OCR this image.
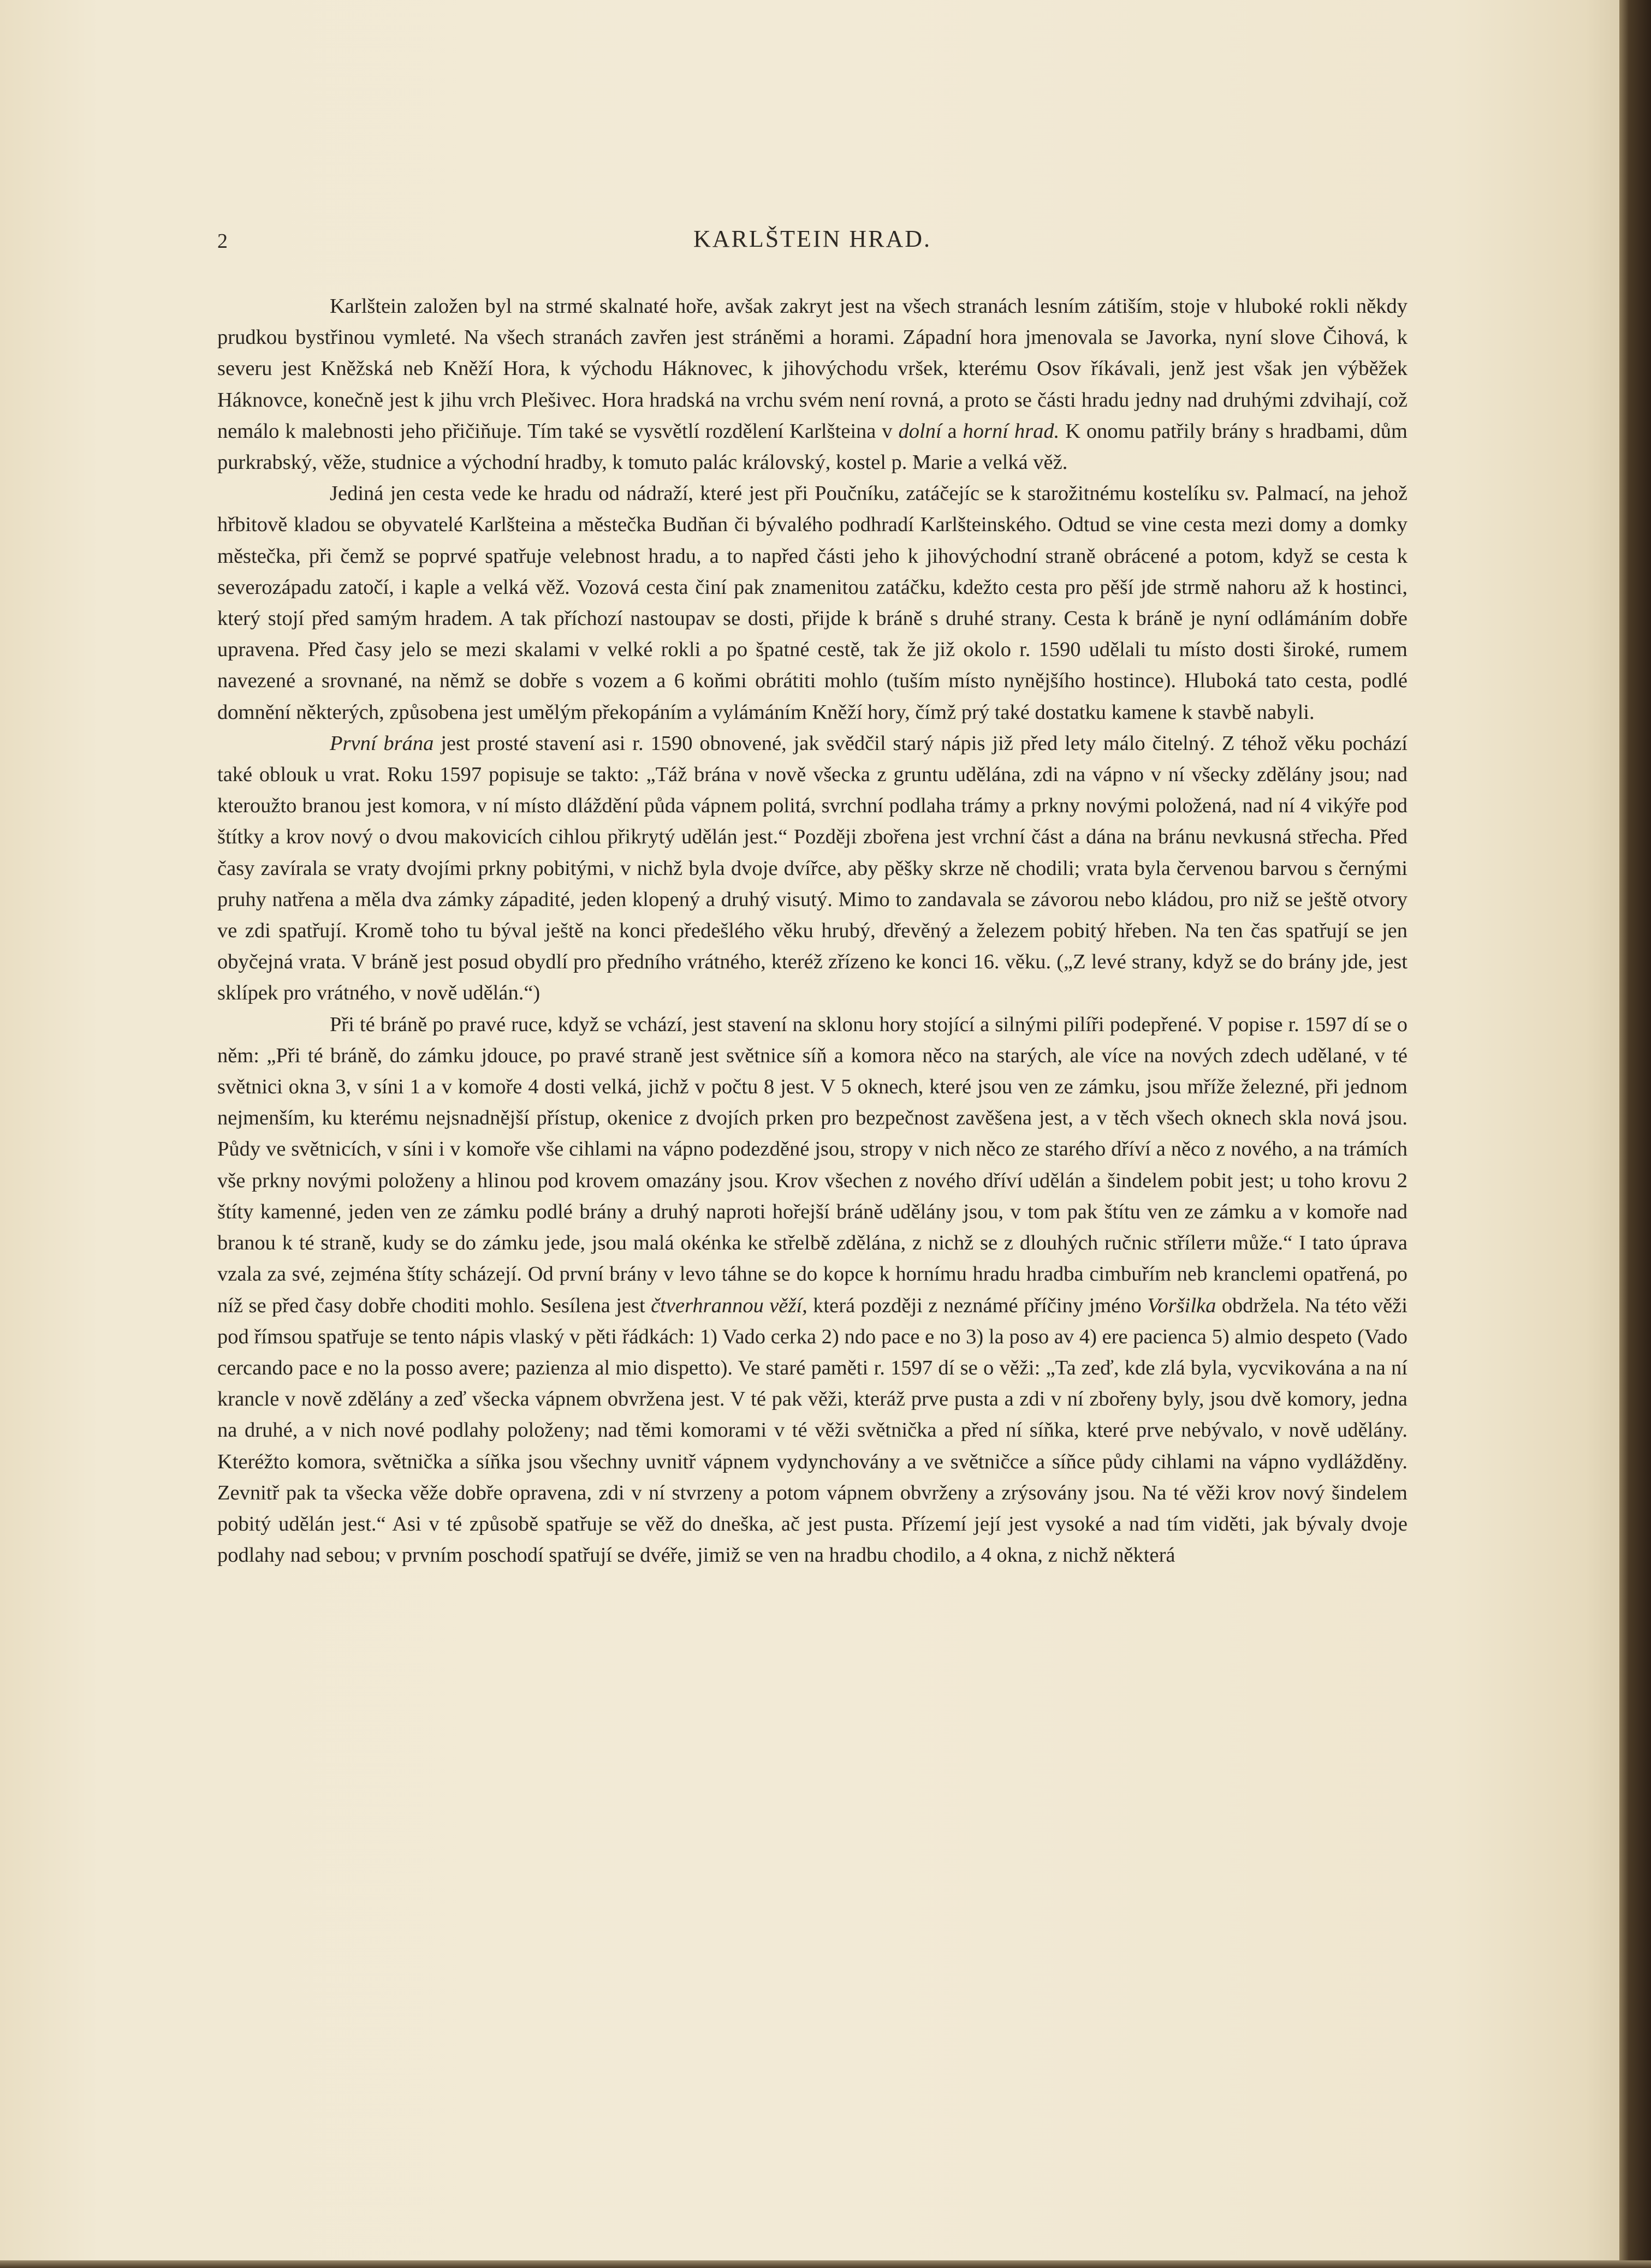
2	KARLŠTEIN HRAD.

Karlštein založen byl na strmé skalnaté hoře, avšak zakryt jest na všech stranách lesním zátiším, stoje v hluboké rokli někdy prudkou bystřinou vymleté. Na všech stranách zavřen jest stráněmi a horami. Západní hora jmenovala se Javorka, nyní slove Čihová, k severu jest Kněžská neb Kněží Hora, k východu Háknovec, k jihovýchodu vršek, kterému Osov říkávali, jenž jest však jen výběžek Háknovce, konečně jest k jihu vrch Plešivec. Hora hradská na vrchu svém není rovná, a proto se části hradu jedny nad druhými zdvihají, což nemálo k malebnosti jeho přičiňuje. Tím také se vysvětlí rozdělení Karlšteina v dolní a horní hrad. K onomu patřily brány s hradbami, dům purkrabský, věže, studnice a východní hradby, k tomuto palác královský, kostel p. Marie a velká věž.

Jediná jen cesta vede ke hradu od nádraží, které jest při Poučníku, zatáčejíc se k starožitnému kostelíku sv. Palmací, na jehož hřbitově kladou se obyvatelé Karlšteina a městečka Budňan či bývalého podhradí Karlšteinského. Odtud se vine cesta mezi domy a domky městečka, při čemž se poprvé spatřuje velebnost hradu, a to napřed části jeho k jihovýchodní straně obrácené a potom, když se cesta k severozápadu zatočí, i kaple a velká věž. Vozová cesta činí pak znamenitou zatáčku, kdežto cesta pro pěší jde strmě nahoru až k hostinci, který stojí před samým hradem. A tak příchozí nastoupav se dosti, přijde k bráně s druhé strany. Cesta k bráně je nyní odlámáním dobře upravena. Před časy jelo se mezi skalami v velké rokli a po špatné cestě, tak že již okolo r. 1590 udělali tu místo dosti široké, rumem navezené a srovnané, na němž se dobře s vozem a 6 koňmi obrátiti mohlo (tuším místo nynějšího hostince). Hluboká tato cesta, podlé domnění některých, způsobena jest umělým překopáním a vylámáním Kněží hory, čímž prý také dostatku kamene k stavbě nabyli.

První brána jest prosté stavení asi r. 1590 obnovené, jak svědčil starý nápis již před lety málo čitelný. Z téhož věku pochází také oblouk u vrat. Roku 1597 popisuje se takto: „Táž brána v nově všecka z gruntu udělána, zdi na vápno v ní všecky zdělány jsou; nad kteroužto branou jest komora, v ní místo dláždění půda vápnem politá, svrchní podlaha trámy a prkny novými položená, nad ní 4 vikýře pod štítky a krov nový o dvou makovicích cihlou přikrytý udělán jest.“ Později zbořena jest vrchní část a dána na bránu nevkusná střecha. Před časy zavírala se vraty dvojími prkny pobitými, v nichž byla dvoje dvířce, aby pěšky skrze ně chodili; vrata byla červenou barvou s černými pruhy natřena a měla dva zámky západité, jeden klopený a druhý visutý. Mimo to zandavala se závorou nebo kládou, pro niž se ještě otvory ve zdi spatřují. Kromě toho tu býval ještě na konci předešlého věku hrubý, dřevěný a železem pobitý hřeben. Na ten čas spatřují se jen obyčejná vrata. V bráně jest posud obydlí pro předního vrátného, kteréž zřízeno ke konci 16. věku. („Z levé strany, když se do brány jde, jest sklípek pro vrátného, v nově udělán.“)

Při té bráně po pravé ruce, když se vchází, jest stavení na sklonu hory stojící a silnými pilíři podepřené. V popise r. 1597 dí se o něm: „Při té bráně, do zámku jdouce, po pravé straně jest světnice síň a komora něco na starých, ale více na nových zdech udělané, v té světnici okna 3, v síni 1 a v komoře 4 dosti velká, jichž v počtu 8 jest. V 5 oknech, které jsou ven ze zámku, jsou mříže železné, při jednom nejmenším, ku kterému nejsnadnější přístup, okenice z dvojích prken pro bezpečnost zavěšena jest, a v těch všech oknech skla nová jsou. Půdy ve světnicích, v síni i v komoře vše cihlami na vápno podezděné jsou, stropy v nich něco ze starého dříví a něco z nového, a na trámích vše prkny novými položeny a hlinou pod krovem omazány jsou. Krov všechen z nového dříví udělán a šindelem pobit jest; u toho krovu 2 štíty kamenné, jeden ven ze zámku podlé brány a druhý naproti hořejší bráně udělány jsou, v tom pak štítu ven ze zámku a v komoře nad branou k té straně, kudy se do zámku jede, jsou malá okénka ke střelbě zdělána, z nichž se z dlouhých ručnic střílети může.“ I tato úprava vzala za své, zejména štíty scházejí. Od první brány v levo táhne se do kopce k hornímu hradu hradba cimbuřím neb kranclemi opatřená, po níž se před časy dobře choditi mohlo. Sesílena jest čtverhrannou věží, která později z neznámé příčiny jméno Voršilka obdržela. Na této věži pod římsou spatřuje se tento nápis vlaský v pěti řádkách: 1) Vado cerka 2) ndo pace e no 3) la poso av 4) ere pacienca 5) almio despeto (Vado cercando pace e no la posso avere; pazienza al mio dispetto). Ve staré paměti r. 1597 dí se o věži: „Ta zeď, kde zlá byla, vycvikována a na ní krancle v nově zdělány a zeď všecka vápnem obvržena jest. V té pak věži, kteráž prve pusta a zdi v ní zbořeny byly, jsou dvě komory, jedna na druhé, a v nich nové podlahy položeny; nad těmi komorami v té věži světnička a před ní síňka, které prve nebývalo, v nově udělány. Kteréžto komora, světnička a síňka jsou všechny uvnitř vápnem vydynchovány a ve světničce a síňce půdy cihlami na vápno vydlážděny. Zevnitř pak ta všecka věže dobře opravena, zdi v ní stvrzeny a potom vápnem obvrženy a zrýsovány jsou. Na té věži krov nový šindelem pobitý udělán jest.“ Asi v té způsobě spatřuje se věž do dneška, ač jest pusta. Přízemí její jest vysoké a nad tím viděti, jak bývaly dvoje podlahy nad sebou; v prvním poschodí spatřují se dvéře, jimiž se ven na hradbu chodilo, a 4 okna, z nichž některá
